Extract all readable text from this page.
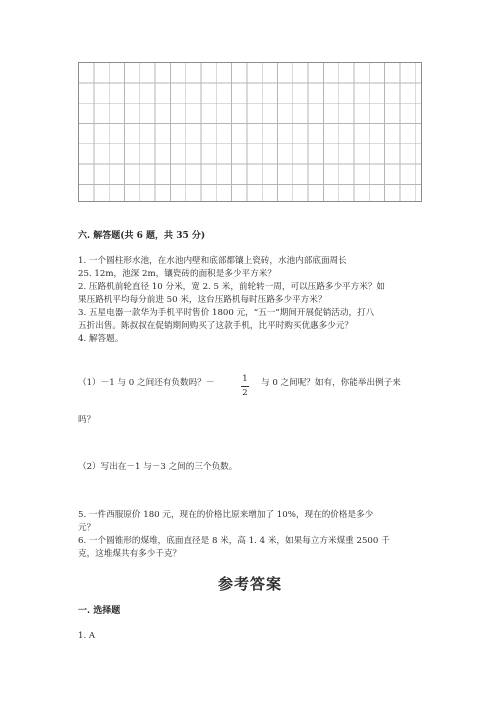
六. 解答题(共 6 题，共 35 分)

1. 一个圆柱形水池，在水池内壁和底部都镶上瓷砖，水池内部底面周长

25. 12m，池深 2m，镶瓷砖的面积是多少平方米？

2. 压路机前轮直径 10 分米，宽 2. 5 米，前轮转一周，可以压路多少平方米？如

果压路机平均每分前进 50 米，这台压路机每时压路多少平方米？

3. 五星电器一款华为手机平时售价 1800 元，“五一”期间开展促销活动，打八

五折出售。陈叔叔在促销期间购买了这款手机，比平时购买优惠多少元？

4. 解答题。

（1）－1 与 0 之间还有负数吗？－	1
2

与 0 之间呢？如有，你能举出例子来

吗？

（2）写出在－1 与－3 之间的三个负数。

5. 一件西服原价 180 元，现在的价格比原来增加了 10%，现在的价格是多少

元？

6. 一个圆锥形的煤堆，底面直径是 8 米，高 1. 4 米，如果每立方米煤重 2500 千

克，这堆煤共有多少千克？

参考答案

一. 选择题

1. A
